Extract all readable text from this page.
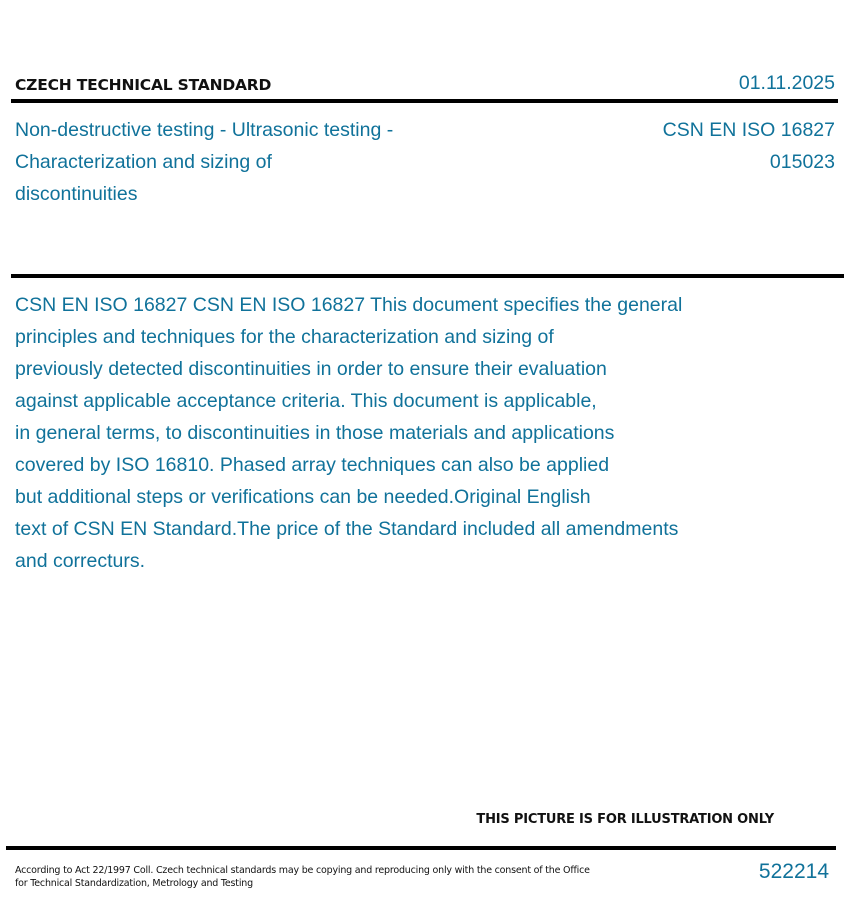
CZECH TECHNICAL STANDARD	01.11.2025
Non-destructive testing - Ultrasonic testing - Characterization and sizing of discontinuities
CSN EN ISO 16827
015023
CSN EN ISO 16827 CSN EN ISO 16827 This document specifies the general
principles and techniques for the characterization and sizing of
previously detected discontinuities in order to ensure their evaluation
against applicable acceptance criteria. This document is applicable,
in general terms, to discontinuities in those materials and applications
covered by ISO 16810. Phased array techniques can also be applied
but additional steps or verifications can be needed.Original English
text of CSN EN Standard.The price of the Standard included all amendments
and correcturs.
THIS PICTURE IS FOR ILLUSTRATION ONLY
According to Act 22/1997 Coll. Czech technical standards may be copying and reproducing only with the consent of the Office
for Technical Standardization, Metrology and Testing
522214
